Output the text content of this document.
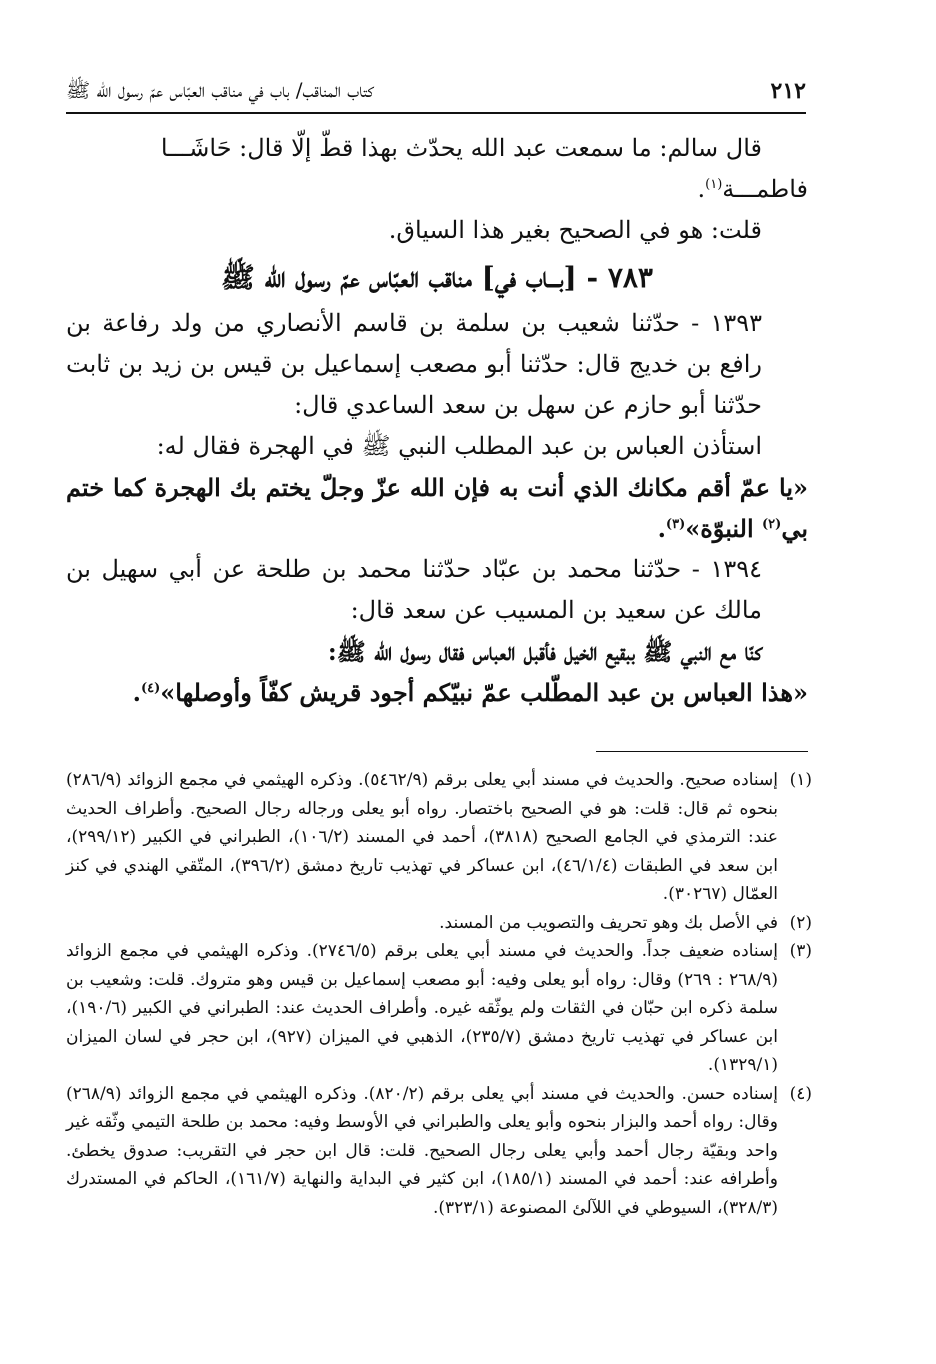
٢١٢
كتاب المناقب/ باب في مناقب العبّاس عمّ رسول الله ﷺ

قال سالم: ما سمعت عبد الله يحدّث بهذا قطّ إلّا قال: حَاشَـــا

فاطمـــة$^{(١)}$.

قلت: هو في الصحيح بغير هذا السياق.

٧٨٣ - [بـــاب في] مناقب العبّاس عمّ رسول الله ﷺ

١٣٩٣ - حدّثنا شعيب بن سلمة بن قاسم الأنصاري من ولد رفاعة بن رافع بن خديج قال: حدّثنا أبو مصعب إسماعيل بن قيس بن زيد بن ثابت حدّثنا أبو حازم عن سهل بن سعد الساعدي قال:

استأذن العباس بن عبد المطلب النبي ﷺ في الهجرة فقال له:

«يا عمّ أقم مكانك الذي أنت به فإن الله عزّ وجلّ يختم بك الهجرة كما ختم بي$^{(٢)}$ النبوّة»$^{(٣)}$.

١٣٩٤ - حدّثنا محمد بن عبّاد حدّثنا محمد بن طلحة عن أبي سهيل بن مالك عن سعيد بن المسيب عن سعد قال:

كنّا مع النبي ﷺ ببقيع الخيل فأقبل العباس فقال رسول الله ﷺ:

«هذا العباس بن عبد المطّلب عمّ نبيّكم أجود قريش كفّاً وأوصلها»$^{(٤)}$.

(١)
إسناده صحيح. والحديث في مسند أبي يعلى برقم (٥٤٦٢/٩). وذكره الهيثمي في مجمع الزوائد (٢٨٦/٩) بنحوه ثم قال: قلت: هو في الصحيح باختصار. رواه أبو يعلى ورجاله رجال الصحيح. وأطراف الحديث عند: الترمذي في الجامع الصحيح (٣٨١٨)، أحمد في المسند (١٠٦/٢)، الطبراني في الكبير (٢٩٩/١٢)، ابن سعد في الطبقات (٤٦/١/٤)، ابن عساكر في تهذيب تاريخ دمشق (٣٩٦/٢)، المتّقي الهندي في كنز العمّال (٣٠٢٦٧).
(٢)
في الأصل بك وهو تحريف والتصويب من المسند.
(٣)
إسناده ضعيف جداً. والحديث في مسند أبي يعلى برقم (٢٧٤٦/٥). وذكره الهيثمي في مجمع الزوائد (٢٦٨/٩ : ٢٦٩) وقال: رواه أبو يعلى وفيه: أبو مصعب إسماعيل بن قيس وهو متروك. قلت: وشعيب بن سلمة ذكره ابن حبّان في الثقات ولم يوثّقه غيره. وأطراف الحديث عند: الطبراني في الكبير (١٩٠/٦)، ابن عساكر في تهذيب تاريخ دمشق (٢٣٥/٧)، الذهبي في الميزان (٩٢٧)، ابن حجر في لسان الميزان (١٣٢٩/١).
(٤)
إسناده حسن. والحديث في مسند أبي يعلى برقم (٨٢٠/٢). وذكره الهيثمي في مجمع الزوائد (٢٦٨/٩) وقال: رواه أحمد والبزار بنحوه وأبو يعلى والطبراني في الأوسط وفيه: محمد بن طلحة التيمي وثّقه غير واحد وبقيّة رجال أحمد وأبي يعلى رجال الصحيح. قلت: قال ابن حجر في التقريب: صدوق يخطئ. وأطرافه عند: أحمد في المسند (١٨٥/١)، ابن كثير في البداية والنهاية (١٦١/٧)، الحاكم في المستدرك (٣٢٨/٣)، السيوطي في اللآلئ المصنوعة (٣٢٣/١).
